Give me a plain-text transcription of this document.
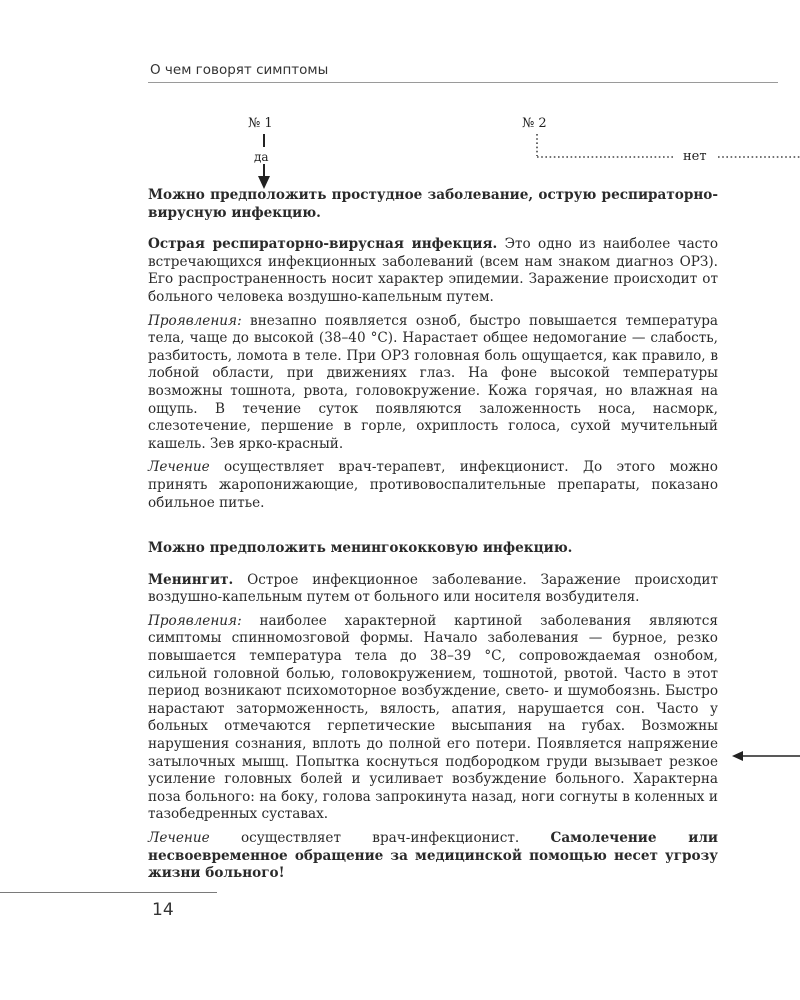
О чем говорят симптомы
№ 1	№ 2
да	нет

Можно предположить простудное заболевание, острую респираторно-вирусную инфекцию.

Острая респираторно-вирусная инфекция. Это одно из наиболее часто встречающихся инфекционных заболеваний (всем нам знаком диагноз ОРЗ). Его распространенность носит характер эпидемии. Заражение происходит от больного человека воздушно-капельным путем.

Проявления: внезапно появляется озноб, быстро повышается температура тела, чаще до высокой (38–40 °С). Нарастает общее недомогание — слабость, разбитость, ломота в теле. При ОРЗ головная боль ощущается, как правило, в лобной области, при движениях глаз. На фоне высокой температуры возможны тошнота, рвота, головокружение. Кожа горячая, но влажная на ощупь. В течение суток появляются заложенность носа, насморк, слезотечение, першение в горле, охриплость голоса, сухой мучительный кашель. Зев ярко-красный.

Лечение осуществляет врач-терапевт, инфекционист. До этого можно принять жаропонижающие, противовоспалительные препараты, показано обильное питье.

Можно предположить менингококковую инфекцию.

Менингит. Острое инфекционное заболевание. Заражение происходит воздушно-капельным путем от больного или носителя возбудителя.

Проявления: наиболее характерной картиной заболевания являются симптомы спинномозговой формы. Начало заболевания — бурное, резко повышается температура тела до 38–39 °С, сопровождаемая ознобом, сильной головной болью, головокружением, тошнотой, рвотой. Часто в этот период возникают психомоторное возбуждение, свето- и шумобоязнь. Быстро нарастают заторможенность, вялость, апатия, нарушается сон. Часто у больных отмечаются герпетические высыпания на губах. Возможны нарушения сознания, вплоть до полной его потери. Появляется напряжение затылочных мышц. Попытка коснуться подбородком груди вызывает резкое усиление головных болей и усиливает возбуждение больного. Характерна поза больного: на боку, голова запрокинута назад, ноги согнуты в коленных и тазобедренных суставах.

Лечение осуществляет врач-инфекционист. Самолечение или несвоевременное обращение за медицинской помощью несет угрозу жизни больного!

14
